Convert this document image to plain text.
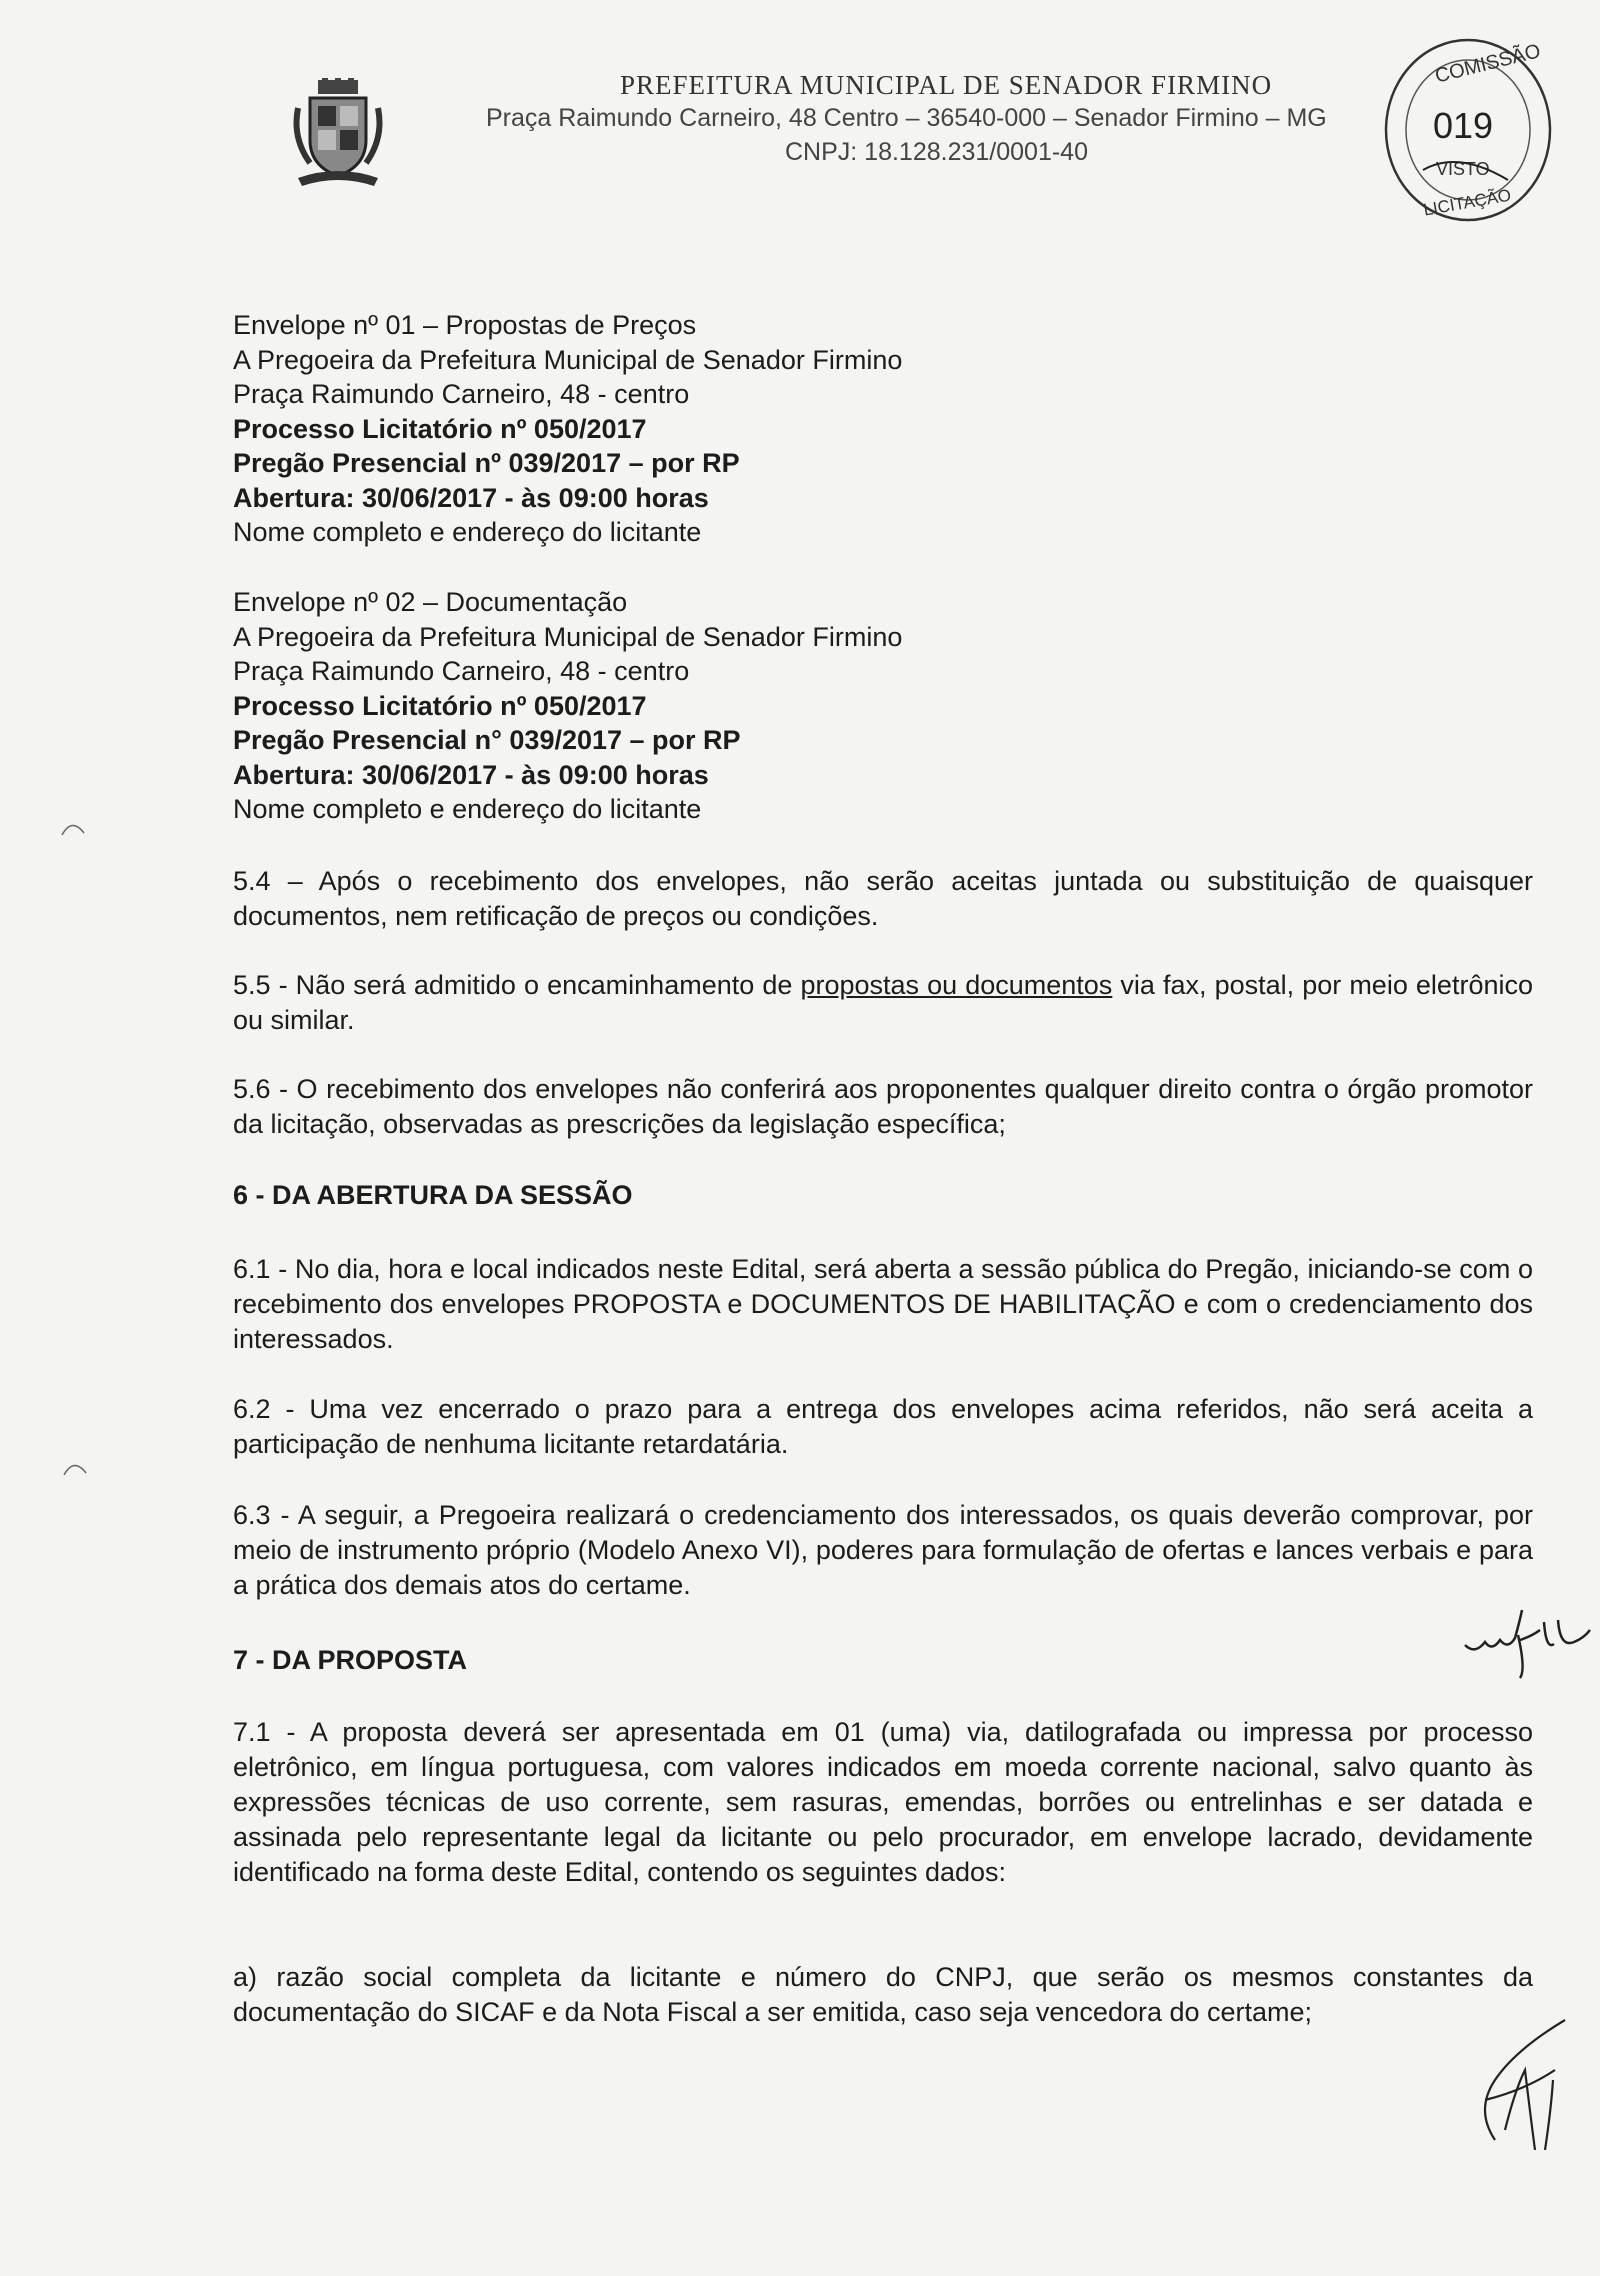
PREFEITURA MUNICIPAL DE SENADOR FIRMINO
Praça Raimundo Carneiro, 48 Centro – 36540-000 – Senador Firmino – MG
CNPJ: 18.128.231/0001-40
COMISSÃO
019
VISTO
LICITAÇÃO
Envelope nº 01 – Propostas de Preços
A Pregoeira da Prefeitura Municipal de Senador Firmino
Praça Raimundo Carneiro, 48 - centro
Processo Licitatório nº 050/2017
Pregão Presencial nº 039/2017 – por RP
Abertura: 30/06/2017 - às 09:00 horas
Nome completo e endereço do licitante
Envelope nº 02 – Documentação
A Pregoeira da Prefeitura Municipal de Senador Firmino
Praça Raimundo Carneiro, 48 - centro
Processo Licitatório nº 050/2017
Pregão Presencial n° 039/2017 – por RP
Abertura: 30/06/2017 - às 09:00 horas
Nome completo e endereço do licitante
5.4 – Após o recebimento dos envelopes, não serão aceitas juntada ou substituição de quaisquer documentos, nem retificação de preços ou condições.
5.5 - Não será admitido o encaminhamento de propostas ou documentos via fax, postal, por meio eletrônico ou similar.
5.6 - O recebimento dos envelopes não conferirá aos proponentes qualquer direito contra o órgão promotor da licitação, observadas as prescrições da legislação específica;
6 - DA ABERTURA DA SESSÃO
6.1 - No dia, hora e local indicados neste Edital, será aberta a sessão pública do Pregão, iniciando-se com o recebimento dos envelopes PROPOSTA e DOCUMENTOS DE HABILITAÇÃO e com o credenciamento dos interessados.
6.2 - Uma vez encerrado o prazo para a entrega dos envelopes acima referidos, não será aceita a participação de nenhuma licitante retardatária.
6.3 - A seguir, a Pregoeira realizará o credenciamento dos interessados, os quais deverão comprovar, por meio de instrumento próprio (Modelo Anexo VI), poderes para formulação de ofertas e lances verbais e para a prática dos demais atos do certame.
7 - DA PROPOSTA
7.1 - A proposta deverá ser apresentada em 01 (uma) via, datilografada ou impressa por processo eletrônico, em língua portuguesa, com valores indicados em moeda corrente nacional, salvo quanto às expressões técnicas de uso corrente, sem rasuras, emendas, borrões ou entrelinhas e ser datada e assinada pelo representante legal da licitante ou pelo procurador, em envelope lacrado, devidamente identificado na forma deste Edital, contendo os seguintes dados:
a) razão social completa da licitante e número do CNPJ, que serão os mesmos constantes da documentação do SICAF e da Nota Fiscal a ser emitida, caso seja vencedora do certame;
